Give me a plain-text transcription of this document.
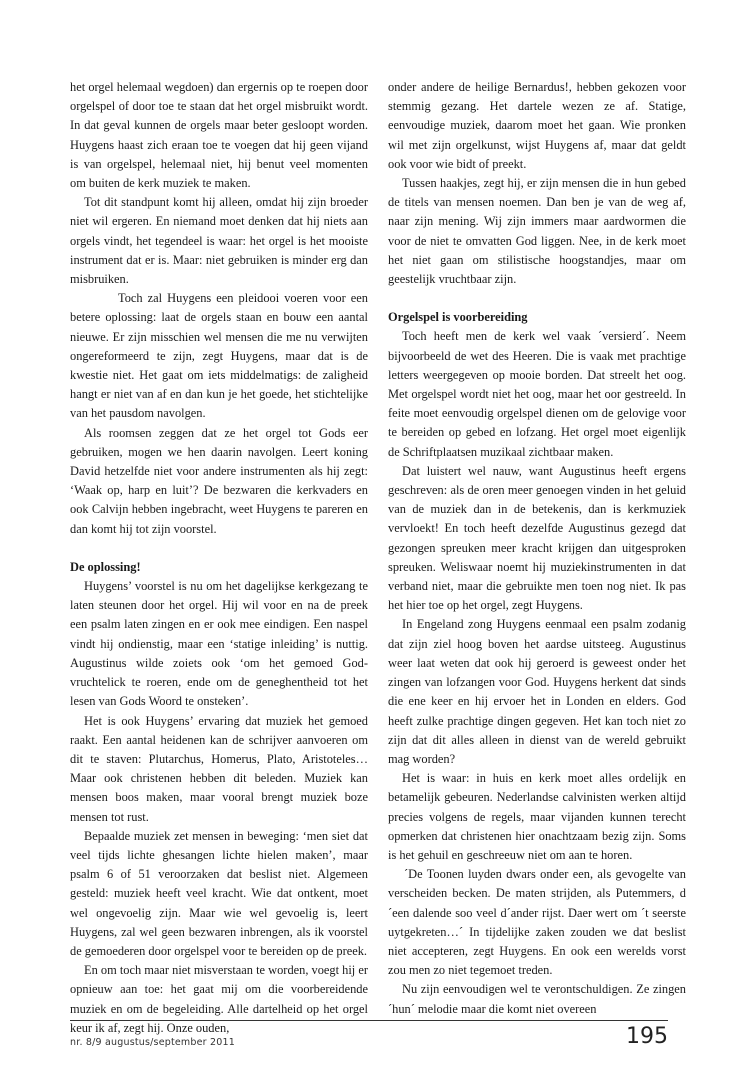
het orgel helemaal wegdoen) dan ergernis op te roepen door orgelspel of door toe te staan dat het orgel misbruikt wordt. In dat geval kunnen de orgels maar beter gesloopt worden. Huygens haast zich eraan toe te voegen dat hij geen vijand is van orgelspel, helemaal niet, hij benut veel momenten om buiten de kerk muziek te maken.

Tot dit standpunt komt hij alleen, omdat hij zijn broeder niet wil ergeren. En niemand moet denken dat hij niets aan orgels vindt, het tegendeel is waar: het orgel is het mooiste instrument dat er is. Maar: niet gebruiken is minder erg dan misbruiken.

Toch zal Huygens een pleidooi voeren voor een betere oplossing: laat de orgels staan en bouw een aantal nieuwe. Er zijn misschien wel mensen die me nu verwijten ongereformeerd te zijn, zegt Huygens, maar dat is de kwestie niet. Het gaat om iets middelmatigs: de zaligheid hangt er niet van af en dan kun je het goede, het stichtelijke van het pausdom navolgen.

Als roomsen zeggen dat ze het orgel tot Gods eer gebruiken, mogen we hen daarin navolgen. Leert koning David hetzelfde niet voor andere instrumenten als hij zegt: ‘Waak op, harp en luit’? De bezwaren die kerkvaders en ook Calvijn hebben ingebracht, weet Huygens te pareren en dan komt hij tot zijn voorstel.

De oplossing!

Huygens’ voorstel is nu om het dagelijkse kerkgezang te laten steunen door het orgel. Hij wil voor en na de preek een psalm laten zingen en er ook mee eindigen. Een naspel vindt hij ondienstig, maar een ‘statige inleiding’ is nuttig. Augustinus wilde zoiets ook ‘om het gemoed God-vruchtelick te roeren, ende om de geneghentheid tot het lesen van Gods Woord te onsteken’.

Het is ook Huygens’ ervaring dat muziek het gemoed raakt. Een aantal heidenen kan de schrijver aanvoeren om dit te staven: Plutarchus, Homerus, Plato, Aristoteles… Maar ook christenen hebben dit beleden. Muziek kan mensen boos maken, maar vooral brengt muziek boze mensen tot rust.

Bepaalde muziek zet mensen in beweging: ‘men siet dat veel tijds lichte ghesangen lichte hielen maken’, maar psalm 6 of 51 veroorzaken dat beslist niet. Algemeen gesteld: muziek heeft veel kracht. Wie dat ontkent, moet wel ongevoelig zijn. Maar wie wel gevoelig is, leert Huygens, zal wel geen bezwaren inbrengen, als ik voorstel de gemoederen door orgelspel voor te bereiden op de preek.

En om toch maar niet misverstaan te worden, voegt hij er opnieuw aan toe: het gaat mij om die voorbereidende muziek en om de begeleiding. Alle dartelheid op het orgel keur ik af, zegt hij. Onze ouden,

onder andere de heilige Bernardus!, hebben gekozen voor stemmig gezang. Het dartele wezen ze af. Statige, eenvoudige muziek, daarom moet het gaan. Wie pronken wil met zijn orgelkunst, wijst Huygens af, maar dat geldt ook voor wie bidt of preekt.

Tussen haakjes, zegt hij, er zijn mensen die in hun gebed de titels van mensen noemen. Dan ben je van de weg af, naar zijn mening. Wij zijn immers maar aardwormen die voor de niet te omvatten God liggen. Nee, in de kerk moet het niet gaan om stilistische hoogstandjes, maar om geestelijk vruchtbaar zijn.

Orgelspel is voorbereiding

Toch heeft men de kerk wel vaak ´versierd´. Neem bijvoorbeeld de wet des Heeren. Die is vaak met prachtige letters weergegeven op mooie borden. Dat streelt het oog. Met orgelspel wordt niet het oog, maar het oor gestreeld. In feite moet eenvoudig orgelspel dienen om de gelovige voor te bereiden op gebed en lofzang. Het orgel moet eigenlijk de Schriftplaatsen muzikaal zichtbaar maken.

Dat luistert wel nauw, want Augustinus heeft ergens geschreven: als de oren meer genoegen vinden in het geluid van de muziek dan in de betekenis, dan is kerkmuziek vervloekt! En toch heeft dezelfde Augustinus gezegd dat gezongen spreuken meer kracht krijgen dan uitgesproken spreuken. Weliswaar noemt hij muziekinstrumenten in dat verband niet, maar die gebruikte men toen nog niet. Ik pas het hier toe op het orgel, zegt Huygens.

In Engeland zong Huygens eenmaal een psalm zodanig dat zijn ziel hoog boven het aardse uitsteeg. Augustinus weer laat weten dat ook hij geroerd is geweest onder het zingen van lofzangen voor God. Huygens herkent dat sinds die ene keer en hij ervoer het in Londen en elders. God heeft zulke prachtige dingen gegeven. Het kan toch niet zo zijn dat dit alles alleen in dienst van de wereld gebruikt mag worden?

Het is waar: in huis en kerk moet alles ordelijk en betamelijk gebeuren. Nederlandse calvinisten werken altijd precies volgens de regels, maar vijanden kunnen terecht opmerken dat christenen hier onachtzaam bezig zijn. Soms is het gehuil en geschreeuw niet om aan te horen.

´De Toonen luyden dwars onder een, als gevogelte van verscheiden becken. De maten strijden, als Putemmers, d´een dalende soo veel d´ander rijst. Daer wert om ´t seerste uytgekreten…´ In tijdelijke zaken zouden we dat beslist niet accepteren, zegt Huygens. En ook een werelds vorst zou men zo niet tegemoet treden.

Nu zijn eenvoudigen wel te verontschuldigen. Ze zingen ´hun´ melodie maar die komt niet overeen

nr. 8/9 augustus/september 2011	195
